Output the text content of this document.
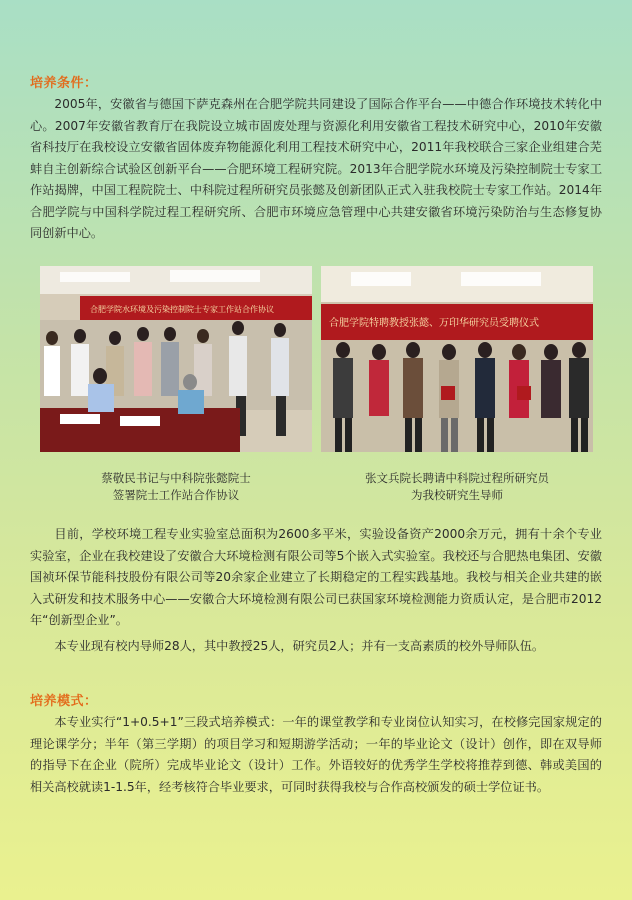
培养条件：

2005年，安徽省与德国下萨克森州在合肥学院共同建设了国际合作平台——中德合作环境技术转化中心。2007年安徽省教育厅在我院设立城市固废处理与资源化利用安徽省工程技术研究中心，2010年安徽省科技厅在我校设立安徽省固体废弃物能源化利用工程技术研究中心，2011年我校联合三家企业组建合芜蚌自主创新综合试验区创新平台——合肥环境工程研究院。2013年合肥学院水环境及污染控制院士专家工作站揭牌，中国工程院院士、中科院过程所研究员张懿及创新团队正式入驻我校院士专家工作站。2014年合肥学院与中国科学院过程工程研究所、合肥市环境应急管理中心共建安徽省环境污染防治与生态修复协同创新中心。

合肥学院水环境及污染控制院士专家工作站合作协议
合肥学院特聘教授张懿、万印华研究员受聘仪式
蔡敬民书记与中科院张懿院士
签署院士工作站合作协议
张文兵院长聘请中科院过程所研究员
为我校研究生导师

目前，学校环境工程专业实验室总面积为2600多平米，实验设备资产2000余万元，拥有十余个专业实验室，企业在我校建设了安徽合大环境检测有限公司等5个嵌入式实验室。我校还与合肥热电集团、安徽国祯环保节能科技股份有限公司等20余家企业建立了长期稳定的工程实践基地。我校与相关企业共建的嵌入式研发和技术服务中心——安徽合大环境检测有限公司已获国家环境检测能力资质认定，是合肥市2012年“创新型企业”。

本专业现有校内导师28人，其中教授25人，研究员2人；并有一支高素质的校外导师队伍。

培养模式：

本专业实行“1+0.5+1”三段式培养模式：一年的课堂教学和专业岗位认知实习，在校修完国家规定的理论课学分；半年（第三学期）的项目学习和短期游学活动；一年的毕业论文（设计）创作，即在双导师的指导下在企业（院所）完成毕业论文（设计）工作。外语较好的优秀学生学校将推荐到德、韩或美国的相关高校就读1-1.5年，经考核符合毕业要求，可同时获得我校与合作高校颁发的硕士学位证书。
